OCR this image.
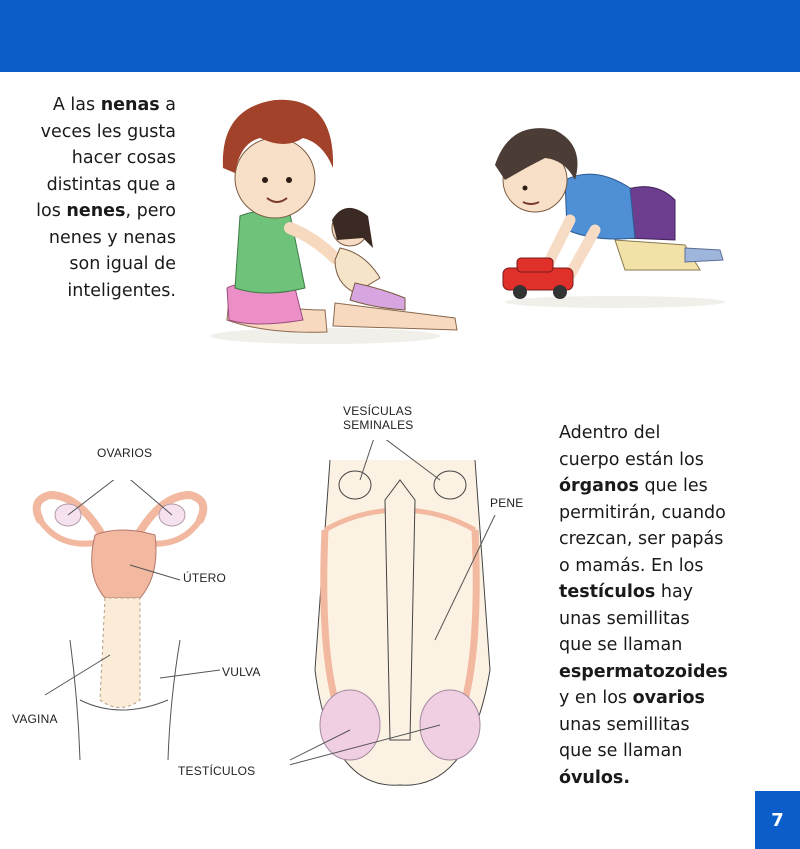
A las nenas a
veces les gusta
hacer cosas
distintas que a
los nenes, pero
nenes y nenas
son igual de
inteligentes.
OVARIOS
ÚTERO
VULVA
VAGINA
VESÍCULAS
SEMINALES
PENE
TESTÍCULOS
Adentro del
cuerpo están los
órganos que les
permitirán, cuando
crezcan, ser papás
o mamás. En los
testículos hay
unas semillitas
que se llaman
espermatozoides
y en los ovarios
unas semillitas
que se llaman
óvulos.
7
